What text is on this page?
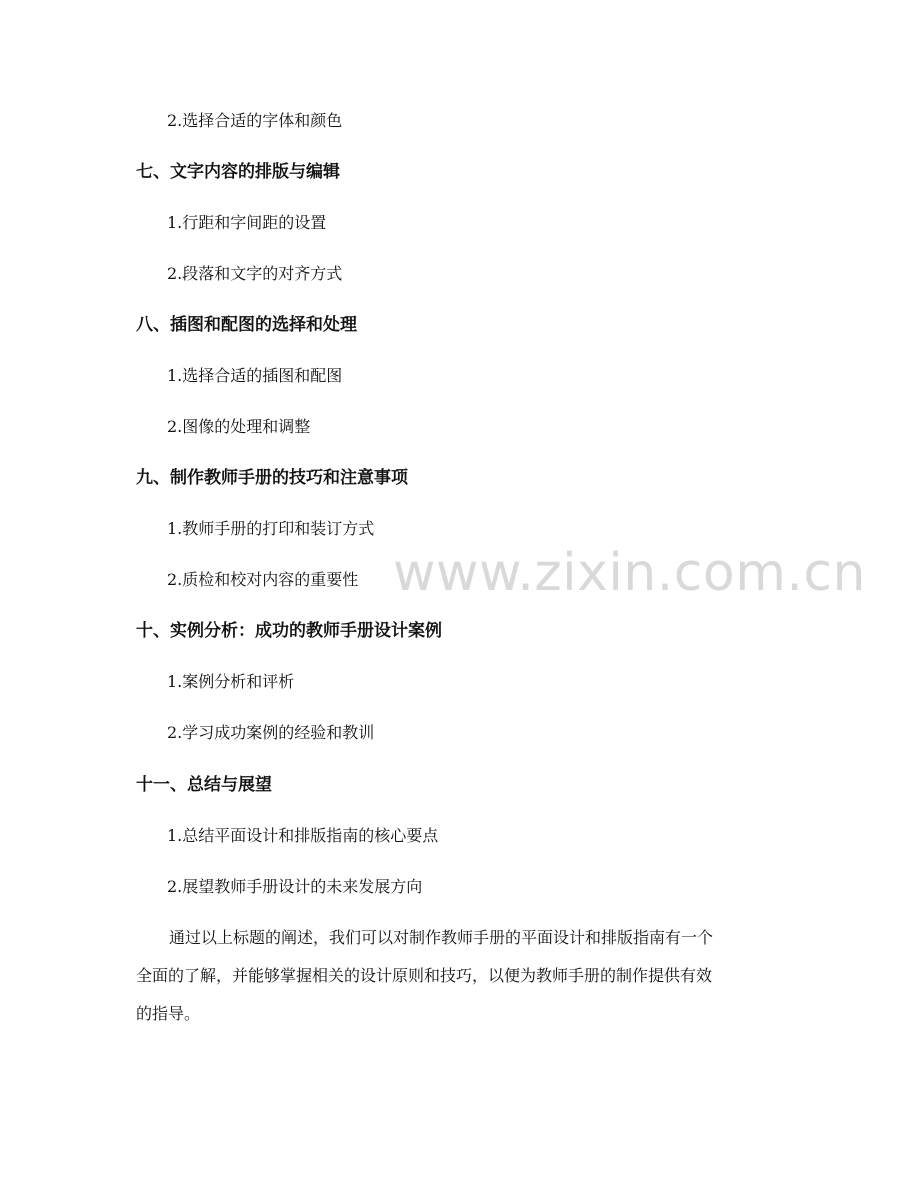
www.zixin.com.cn
2.选择合适的字体和颜色
七、文字内容的排版与编辑
1.行距和字间距的设置
2.段落和文字的对齐方式
八、插图和配图的选择和处理
1.选择合适的插图和配图
2.图像的处理和调整
九、制作教师手册的技巧和注意事项
1.教师手册的打印和装订方式
2.质检和校对内容的重要性
十、实例分析：成功的教师手册设计案例
1.案例分析和评析
2.学习成功案例的经验和教训
十一、总结与展望
1.总结平面设计和排版指南的核心要点
2.展望教师手册设计的未来发展方向
通过以上标题的阐述，我们可以对制作教师手册的平面设计和排版指南有一个
全面的了解，并能够掌握相关的设计原则和技巧，以便为教师手册的制作提供有效
的指导。
